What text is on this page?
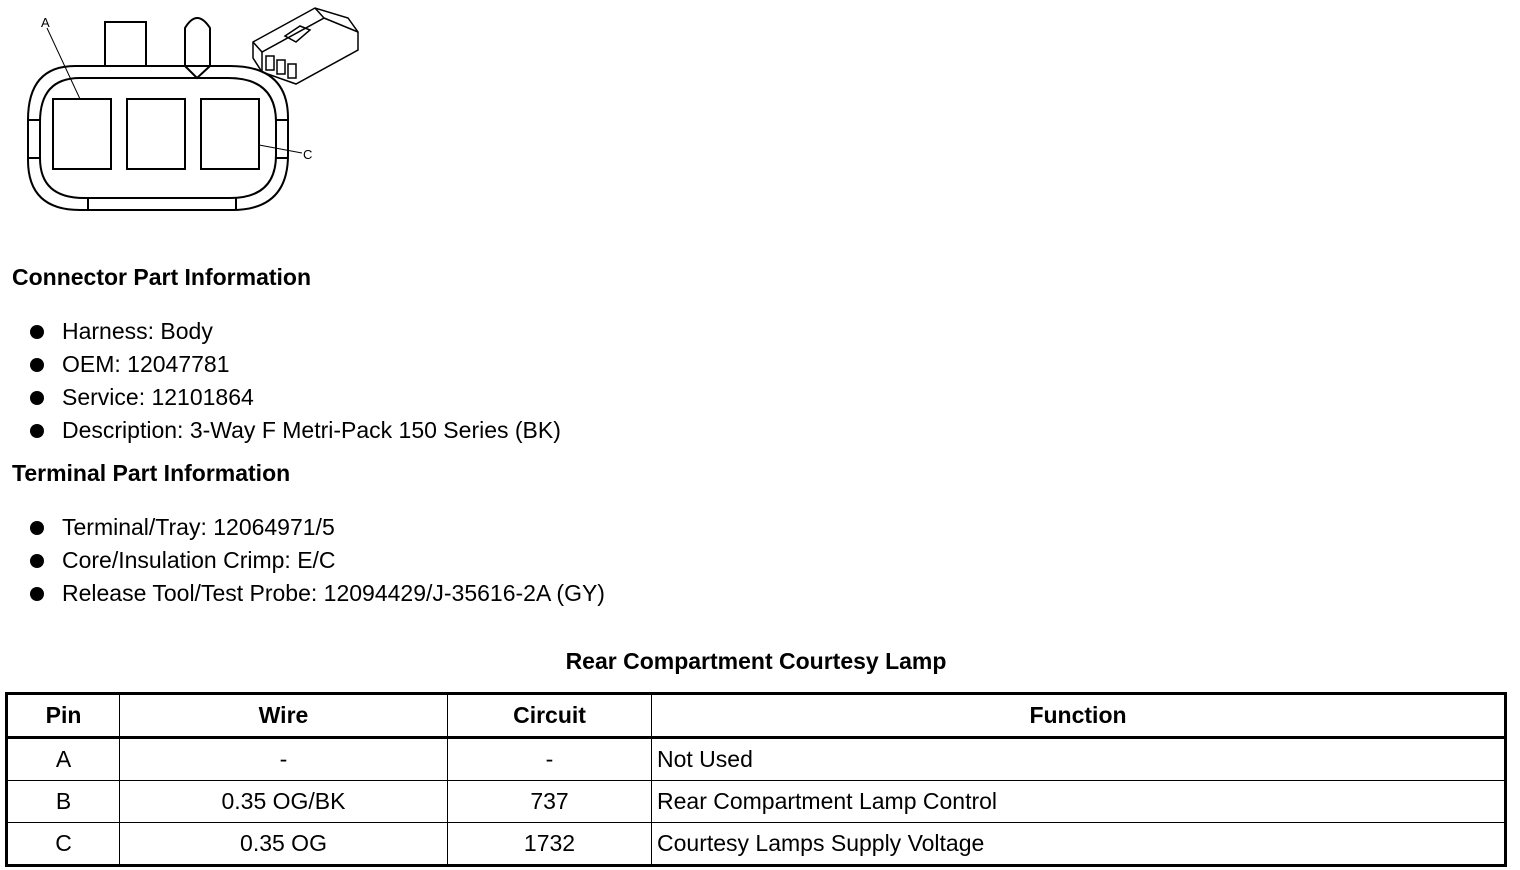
A
C
Connector Part Information
Harness: Body
OEM: 12047781
Service: 12101864
Description: 3-Way F Metri-Pack 150 Series (BK)
Terminal Part Information
Terminal/Tray: 12064971/5
Core/Insulation Crimp: E/C
Release Tool/Test Probe: 12094429/J-35616-2A (GY)
Rear Compartment Courtesy Lamp
Pin	Wire	Circuit	Function
A	-	-	Not Used
B	0.35 OG/BK	737	Rear Compartment Lamp Control
C	0.35 OG	1732	Courtesy Lamps Supply Voltage
